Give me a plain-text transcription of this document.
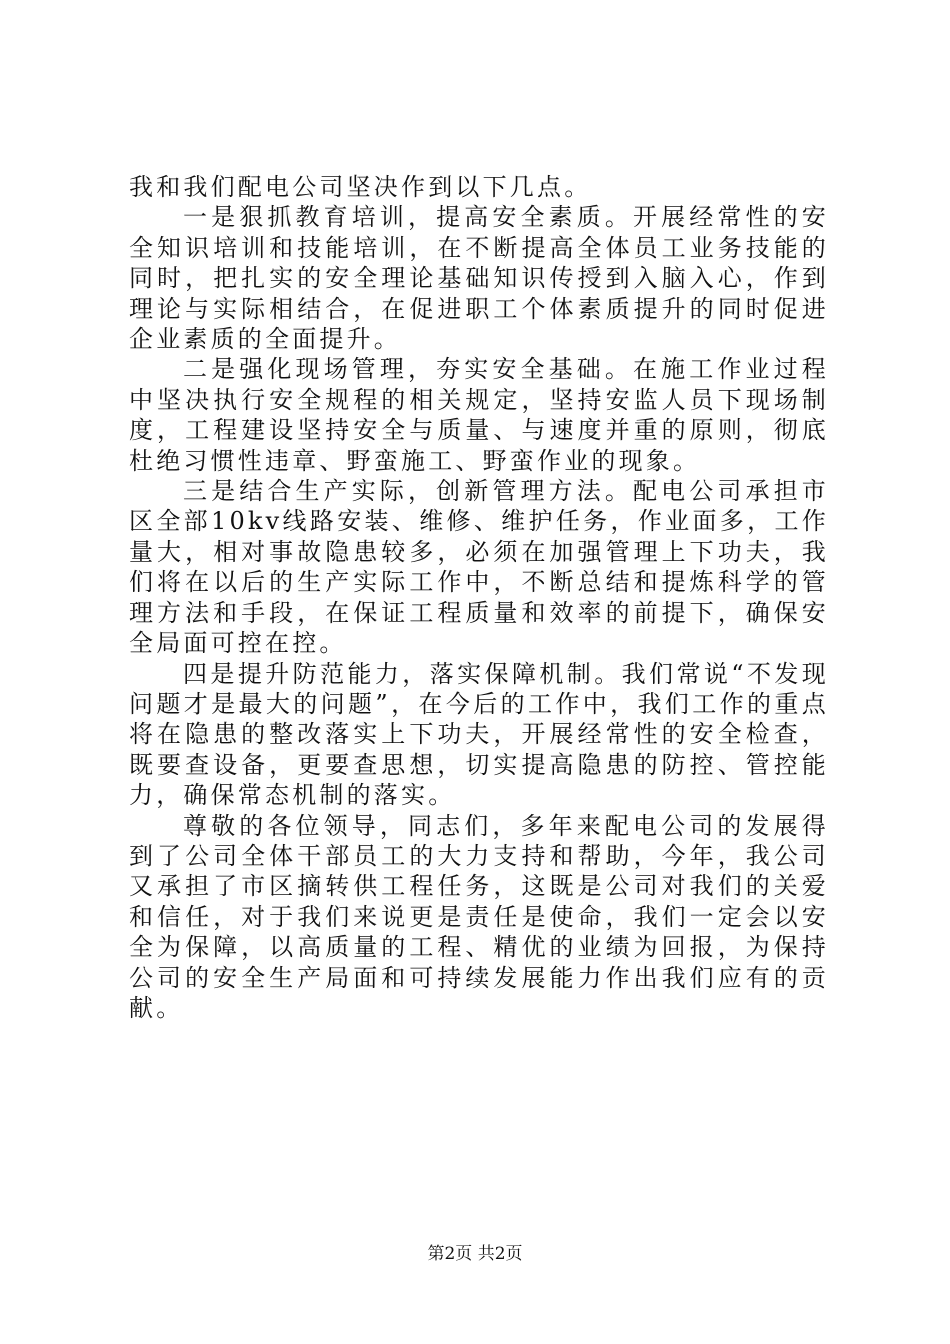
我和我们配电公司坚决作到以下几点。

一是狠抓教育培训，提高安全素质。开展经常性的安全知识培训和技能培训，在不断提高全体员工业务技能的同时，把扎实的安全理论基础知识传授到入脑入心，作到理论与实际相结合，在促进职工个体素质提升的同时促进企业素质的全面提升。

二是强化现场管理，夯实安全基础。在施工作业过程中坚决执行安全规程的相关规定，坚持安监人员下现场制度，工程建设坚持安全与质量、与速度并重的原则，彻底杜绝习惯性违章、野蛮施工、野蛮作业的现象。

三是结合生产实际，创新管理方法。配电公司承担市区全部10kv线路安装、维修、维护任务，作业面多，工作量大，相对事故隐患较多，必须在加强管理上下功夫，我们将在以后的生产实际工作中，不断总结和提炼科学的管理方法和手段，在保证工程质量和效率的前提下，确保安全局面可控在控。

四是提升防范能力，落实保障机制。我们常说“不发现问题才是最大的问题”，在今后的工作中，我们工作的重点将在隐患的整改落实上下功夫，开展经常性的安全检查，既要查设备，更要查思想，切实提高隐患的防控、管控能力，确保常态机制的落实。

尊敬的各位领导，同志们，多年来配电公司的发展得到了公司全体干部员工的大力支持和帮助，今年，我公司又承担了市区摘转供工程任务，这既是公司对我们的关爱和信任，对于我们来说更是责任是使命，我们一定会以安全为保障，以高质量的工程、精优的业绩为回报，为保持公司的安全生产局面和可持续发展能力作出我们应有的贡献。

第2页 共2页
